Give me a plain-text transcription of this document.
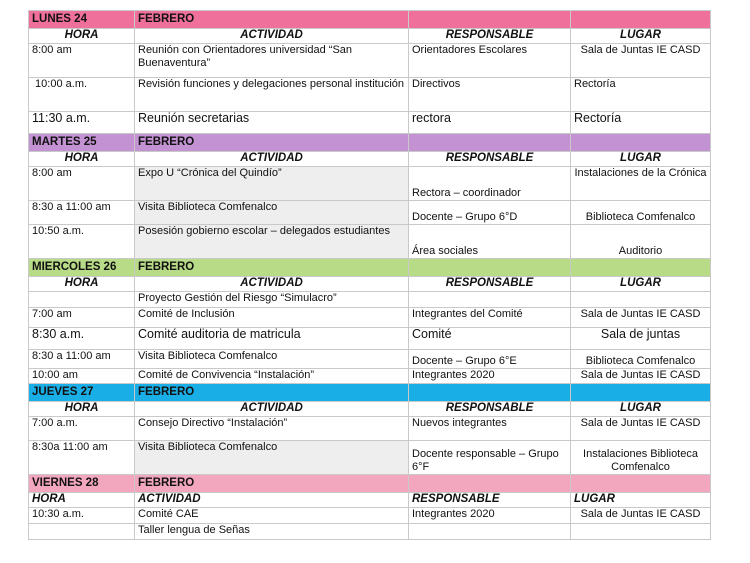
LUNES 24	FEBRERO		
HORA	ACTIVIDAD	RESPONSABLE	LUGAR
8:00 am	Reunión con Orientadores universidad “San Buenaventura”	Orientadores Escolares	Sala de Juntas IE CASD
10:00 a.m.	Revisión funciones y delegaciones personal institución	Directivos	Rectoría
11:30 a.m.	Reunión secretarias	rectora	Rectoría
MARTES 25	FEBRERO		
HORA	ACTIVIDAD	RESPONSABLE	LUGAR
8:00 am	Expo U “Crónica del Quindío”	Rectora – coordinador	Instalaciones de la Crónica
8:30 a 11:00 am	Visita Biblioteca Comfenalco	Docente – Grupo 6°D	Biblioteca Comfenalco
10:50 a.m.	Posesión gobierno escolar – delegados estudiantes	Área sociales	Auditorio
MIERCOLES 26	FEBRERO		
HORA	ACTIVIDAD	RESPONSABLE	LUGAR
	Proyecto Gestión del Riesgo “Simulacro”		
7:00 am	Comité de Inclusión	Integrantes del Comité	Sala de Juntas IE CASD
8:30 a.m.	Comité auditoria de matricula	Comité	Sala de juntas
8:30 a 11:00 am	Visita Biblioteca Comfenalco	Docente – Grupo 6°E	Biblioteca Comfenalco
10:00 am	Comité de Convivencia “Instalación”	Integrantes 2020	Sala de Juntas IE CASD
JUEVES 27	FEBRERO		
HORA	ACTIVIDAD	RESPONSABLE	LUGAR
7:00 a.m.	Consejo Directivo “Instalación”	Nuevos integrantes	Sala de Juntas IE CASD
8:30a 11:00 am	Visita Biblioteca Comfenalco	Docente responsable – Grupo 6°F	Instalaciones Biblioteca Comfenalco
VIERNES 28	FEBRERO		
HORA	ACTIVIDAD	RESPONSABLE	LUGAR
10:30 a.m.	Comité CAE	Integrantes 2020	Sala de Juntas IE CASD
	Taller lengua de Señas		
